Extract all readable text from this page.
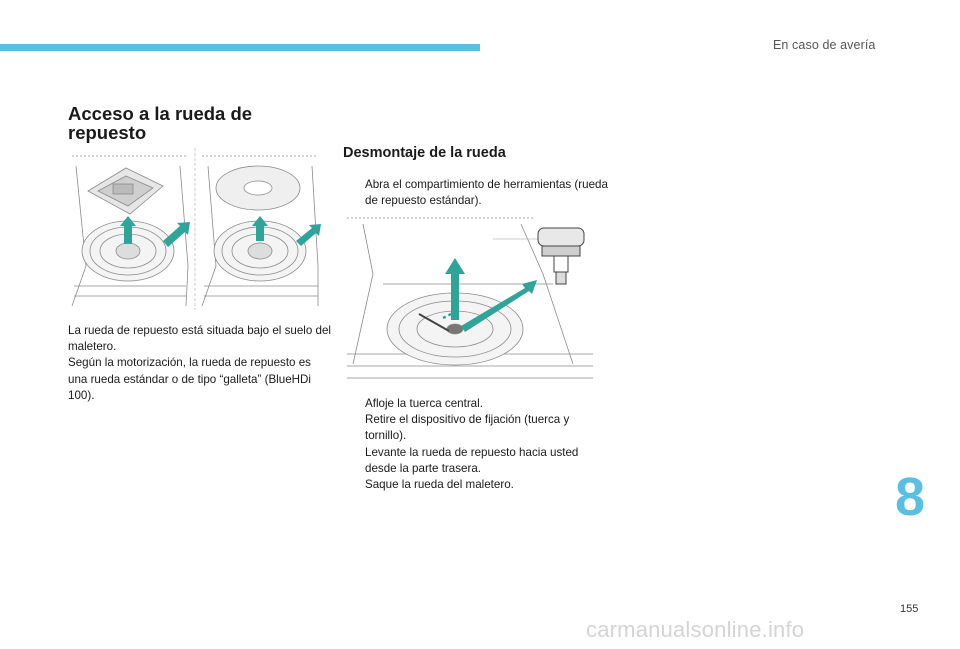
En caso de avería
Acceso a la rueda de
repuesto

La rueda de repuesto está situada bajo el suelo del maletero.

Según la motorización, la rueda de repuesto es una rueda estándar o de tipo “galleta” (BlueHDi 100).

Desmontaje de la rueda
Abra el compartimiento de herramientas (rueda de repuesto estándar).
Afloje la tuerca central.
Retire el dispositivo de fijación (tuerca y tornillo).
Levante la rueda de repuesto hacia usted desde la parte trasera.
Saque la rueda del maletero.	8
155
carmanualsonline.info
